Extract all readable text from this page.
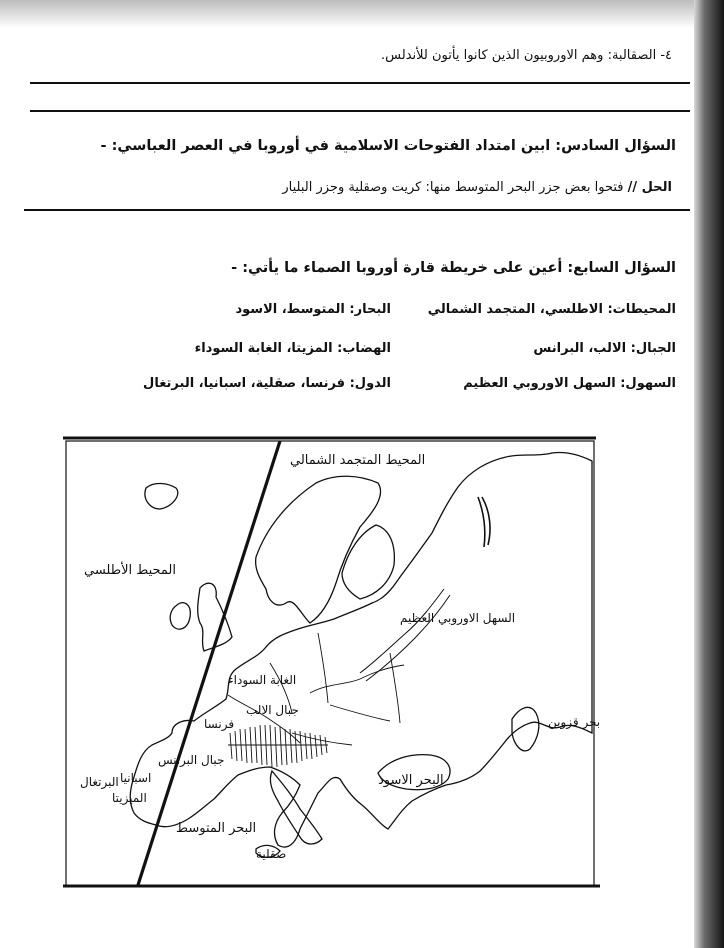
٤- الصقالبة: وهم الاوروبيون الذين كانوا يأتون للأندلس.
السؤال السادس: ابين امتداد الفتوحات الاسلامية في أوروبا في العصر العباسي: -
الحل // فتحوا بعض جزر البحر المتوسط منها: كريت وصقلية وجزر البليار
السؤال السابع: أعين على خريطة قارة أوروبا الصماء ما يأتي: -
المحيطات: الاطلسي، المتجمد الشمالي
البحار: المتوسط، الاسود
الجبال: الالب، البرانس
الهضاب: المزيتا، الغابة السوداء
السهول: السهل الاوروبي العظيم
الدول: فرنسا، صقلية، اسبانيا، البرتغال
المحيط المتجمد الشمالي
المحيط الأطلسي
السهل الاوروبي العظيم
بحر قزوين
الغابة السوداء
جبال الالب
فرنسا
جبال البرانس
اسبانيا
البرتغال
الميزيتا
البحر الاسود
البحر المتوسط
صقلية
